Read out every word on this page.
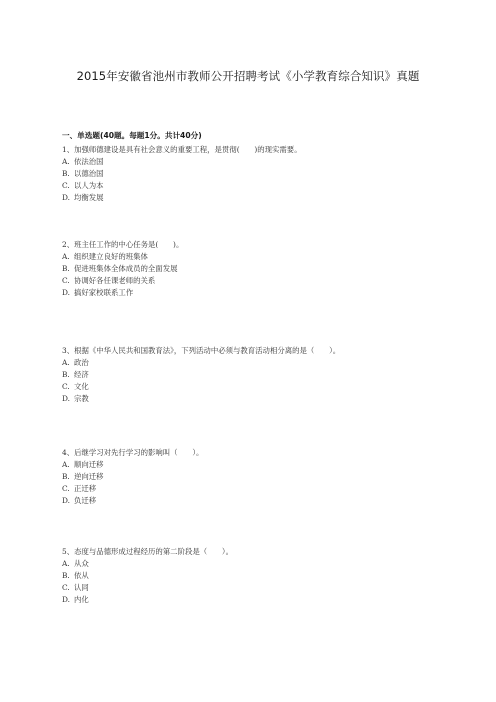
2015年安徽省池州市教师公开招聘考试《小学教育综合知识》真题
一、单选题(40题。每题1分。共计40分)
1、加强师德建设是具有社会意义的重要工程，是贯彻(　　)的现实需要。
A. 依法治国
B. 以德治国
C. 以人为本
D. 均衡发展
2、班主任工作的中心任务是(　　)。
A. 组织建立良好的班集体
B. 促进班集体全体成员的全面发展
C. 协调好各任课老师的关系
D. 搞好家校联系工作
3、根据《中华人民共和国教育法》，下列活动中必须与教育活动相分离的是（　　）。
A. 政治
B. 经济
C. 文化
D. 宗教
4、后继学习对先行学习的影响叫（　　）。
A. 顺向迁移
B. 逆向迁移
C. 正迁移
D. 负迁移
5、态度与品德形成过程经历的第二阶段是（　　）。
A. 从众
B. 依从
C. 认同
D. 内化
